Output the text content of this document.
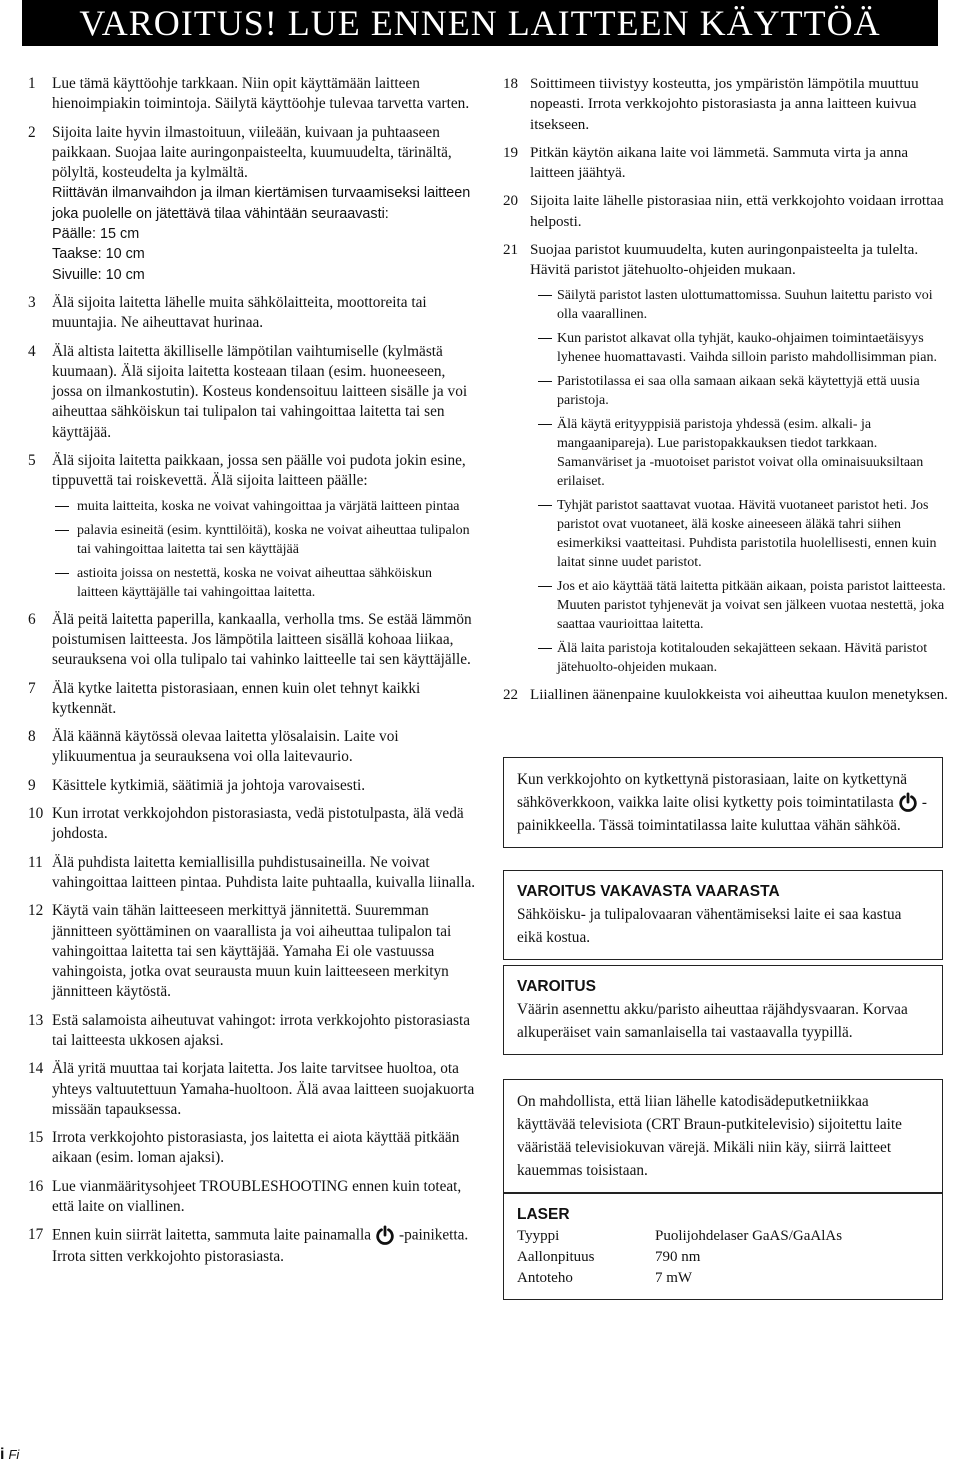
VAROITUS! LUE ENNEN LAITTEEN KÄYTTÖÄ
1 Lue tämä käyttöohje tarkkaan. Niin opit käyttämään laitteen hienoimpiakin toimintoja. Säilytä käyttöohje tulevaa tarvetta varten.

2 Sijoita laite hyvin ilmastoituun, viileään, kuivaan ja puhtaaseen paikkaan. Suojaa laite auringonpaisteelta, kuumuudelta, tärinältä, pölyltä, kosteudelta ja kylmältä.

Riittävän ilmanvaihdon ja ilman kiertämisen turvaamiseksi laitteen joka puolelle on jätettävä tilaa vähintään seuraavasti:

Päälle: 15 cm
Taakse: 10 cm
Sivuille: 10 cm
3 Älä sijoita laitetta lähelle muita sähkölaitteita, moottoreita tai muuntajia. Ne aiheuttavat hurinaa.

4 Älä altista laitetta äkilliselle lämpötilan vaihtumiselle (kylmästä kuumaan). Älä sijoita laitetta kosteaan tilaan (esim. huoneeseen, jossa on ilmankostutin). Kosteus kondensoituu laitteen sisälle ja voi aiheuttaa sähköiskun tai tulipalon tai vahingoittaa laitetta tai sen käyttäjää.

5 Älä sijoita laitetta paikkaan, jossa sen päälle voi pudota jokin esine, tippuvettä tai roiskevettä. Älä sijoita laitteen päälle:

muita laitteita, koska ne voivat vahingoittaa ja värjätä laitteen pintaa
palavia esineitä (esim. kynttilöitä), koska ne voivat aiheuttaa tulipalon tai vahingoittaa laitetta tai sen käyttäjää
astioita joissa on nestettä, koska ne voivat aiheuttaa sähköiskun laitteen käyttäjälle tai vahingoittaa laitetta.
6 Älä peitä laitetta paperilla, kankaalla, verholla tms. Se estää lämmön poistumisen laitteesta. Jos lämpötila laitteen sisällä kohoaa liikaa, seurauksena voi olla tulipalo tai vahinko laitteelle tai sen käyttäjälle.

7 Älä kytke laitetta pistorasiaan, ennen kuin olet tehnyt kaikki kytkennät.

8 Älä käännä käytössä olevaa laitetta ylösalaisin. Laite voi ylikuumentua ja seurauksena voi olla laitevaurio.

9 Käsittele kytkimiä, säätimiä ja johtoja varovaisesti.

10 Kun irrotat verkkojohdon pistorasiasta, vedä pistotulpasta, älä vedä johdosta.

11 Älä puhdista laitetta kemiallisilla puhdistusaineilla. Ne voivat vahingoittaa laitteen pintaa. Puhdista laite puhtaalla, kuivalla liinalla.

12 Käytä vain tähän laitteeseen merkittyä jännitettä. Suuremman jännitteen syöttäminen on vaarallista ja voi aiheuttaa tulipalon tai vahingoittaa laitetta tai sen käyttäjää. Yamaha Ei ole vastuussa vahingoista, jotka ovat seurausta muun kuin laitteeseen merkityn jännitteen käytöstä.

13 Estä salamoista aiheutuvat vahingot: irrota verkkojohto pistorasiasta tai laitteesta ukkosen ajaksi.

14 Älä yritä muuttaa tai korjata laitetta. Jos laite tarvitsee huoltoa, ota yhteys valtuutettuun Yamaha-huoltoon. Älä avaa laitteen suojakuorta missään tapauksessa.

15 Irrota verkkojohto pistorasiasta, jos laitetta ei aiota käyttää pitkään aikaan (esim. loman ajaksi).

16 Lue vianmääritysohjeet TROUBLESHOOTING ennen kuin toteat, että laite on viallinen.

17 Ennen kuin siirrät laitetta, sammuta laite painamalla -painiketta. Irrota sitten verkkojohto pistorasiasta.

18 Soittimeen tiivistyy kosteutta, jos ympäristön lämpötila muuttuu nopeasti. Irrota verkkojohto pistorasiasta ja anna laitteen kuivua itsekseen.

19 Pitkän käytön aikana laite voi lämmetä. Sammuta virta ja anna laitteen jäähtyä.

20 Sijoita laite lähelle pistorasiaa niin, että verkkojohto voidaan irrottaa helposti.

21 Suojaa paristot kuumuudelta, kuten auringonpaisteelta ja tulelta. Hävitä paristot jätehuolto-ohjeiden mukaan.

Säilytä paristot lasten ulottumattomissa. Suuhun laitettu paristo voi olla vaarallinen.
Kun paristot alkavat olla tyhjät, kauko-ohjaimen toimintaetäisyys lyhenee huomattavasti. Vaihda silloin paristo mahdollisimman pian.
Paristotilassa ei saa olla samaan aikaan sekä käytettyjä että uusia paristoja.
Älä käytä erityyppisiä paristoja yhdessä (esim. alkali- ja mangaanipareja). Lue paristopakkauksen tiedot tarkkaan. Samanväriset ja -muotoiset paristot voivat olla ominaisuuksiltaan erilaiset.
Tyhjät paristot saattavat vuotaa. Hävitä vuotaneet paristot heti. Jos paristot ovat vuotaneet, älä koske aineeseen äläkä tahri siihen esimerkiksi vaatteitasi. Puhdista paristotila huolellisesti, ennen kuin laitat sinne uudet paristot.
Jos et aio käyttää tätä laitetta pitkään aikaan, poista paristot laitteesta. Muuten paristot tyhjenevät ja voivat sen jälkeen vuotaa nestettä, joka saattaa vaurioittaa laitetta.
Älä laita paristoja kotitalouden sekajätteen sekaan. Hävitä paristot jätehuolto-ohjeiden mukaan.
22 Liiallinen äänenpaine kuulokkeista voi aiheuttaa kuulon menetyksen.

Kun verkkojohto on kytkettynä pistorasiaan, laite on kytkettynä sähköverkkoon, vaikka laite olisi kytketty pois toimintatilasta -painikkeella. Tässä toimintatilassa laite kuluttaa vähän sähköä.
VAROITUS VAKAVASTA VAARASTA
Sähköisku- ja tulipalovaaran vähentämiseksi laite ei saa kastua eikä kostua.
VAROITUS
Väärin asennettu akku/paristo aiheuttaa räjähdysvaaran. Korvaa alkuperäiset vain samanlaisella tai vastaavalla tyypillä.
On mahdollista, että liian lähelle katodisädeputketniikkaa käyttävää televisiota (CRT Braun-putkitelevisio) sijoitettu laite vääristää televisiokuvan värejä. Mikäli niin käy, siirrä laitteet kauemmas toisistaan.
LASER
Tyyppi	Puolijohdelaser GaAS/GaAlAs
Aallonpituus	790 nm
Antoteho	7 mW
i Fi
